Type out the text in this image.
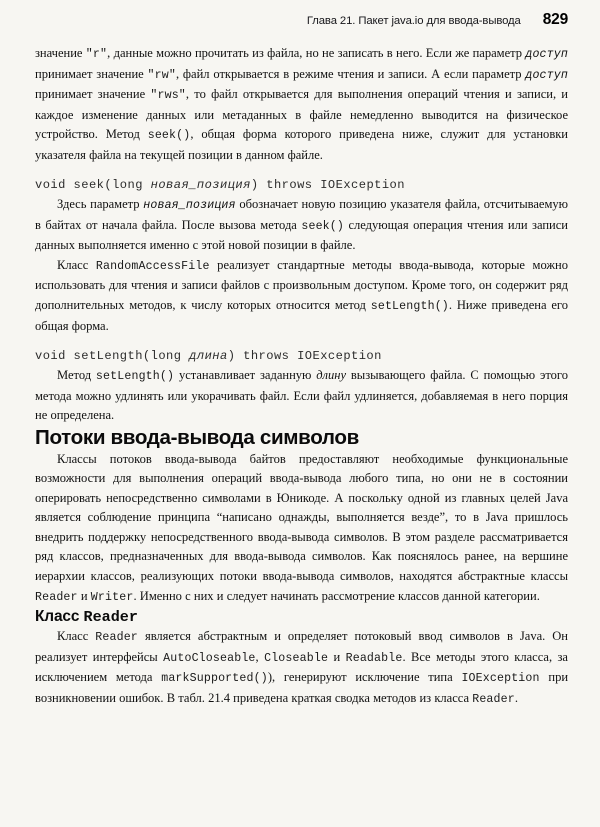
Глава 21. Пакет java.io для ввода-вывода 829

значение "r", данные можно прочитать из файла, но не записать в него. Если же параметр доступ принимает значение "rw", файл открывается в режиме чтения и записи. А если параметр доступ принимает значение "rws", то файл открывается для выполнения операций чтения и записи, и каждое изменение данных или метаданных в файле немедленно выводится на физическое устройство. Метод seek(), общая форма которого приведена ниже, служит для установки указателя файла на текущей позиции в данном файле.

void seek(long новая_позиция) throws IOException

Здесь параметр новая_позиция обозначает новую позицию указателя файла, отсчитываемую в байтах от начала файла. После вызова метода seek() следующая операция чтения или записи данных выполняется именно с этой новой позиции в файле.

Класс RandomAccessFile реализует стандартные методы ввода-вывода, которые можно использовать для чтения и записи файлов с произвольным доступом. Кроме того, он содержит ряд дополнительных методов, к числу которых относится метод setLength(). Ниже приведена его общая форма.

void setLength(long длина) throws IOException

Метод setLength() устанавливает заданную длину вызывающего файла. С помощью этого метода можно удлинять или укорачивать файл. Если файл удлиняется, добавляемая в него порция не определена.

Потоки ввода-вывода символов

Классы потоков ввода-вывода байтов предоставляют необходимые функциональные возможности для выполнения операций ввода-вывода любого типа, но они не в состоянии оперировать непосредственно символами в Юникоде. А поскольку одной из главных целей Java является соблюдение принципа “написано однажды, выполняется везде”, то в Java пришлось внедрить поддержку непосредственного ввода-вывода символов. В этом разделе рассматривается ряд классов, предназначенных для ввода-вывода символов. Как пояснялось ранее, на вершине иерархии классов, реализующих потоки ввода-вывода символов, находятся абстрактные классы Reader и Writer. Именно с них и следует начинать рассмотрение классов данной категории.

Класс Reader

Класс Reader является абстрактным и определяет потоковый ввод символов в Java. Он реализует интерфейсы AutoCloseable, Closeable и Readable. Все методы этого класса, за исключением метода markSupported()), генерируют исключение типа IOException при возникновении ошибок. В табл. 21.4 приведена краткая сводка методов из класса Reader.
